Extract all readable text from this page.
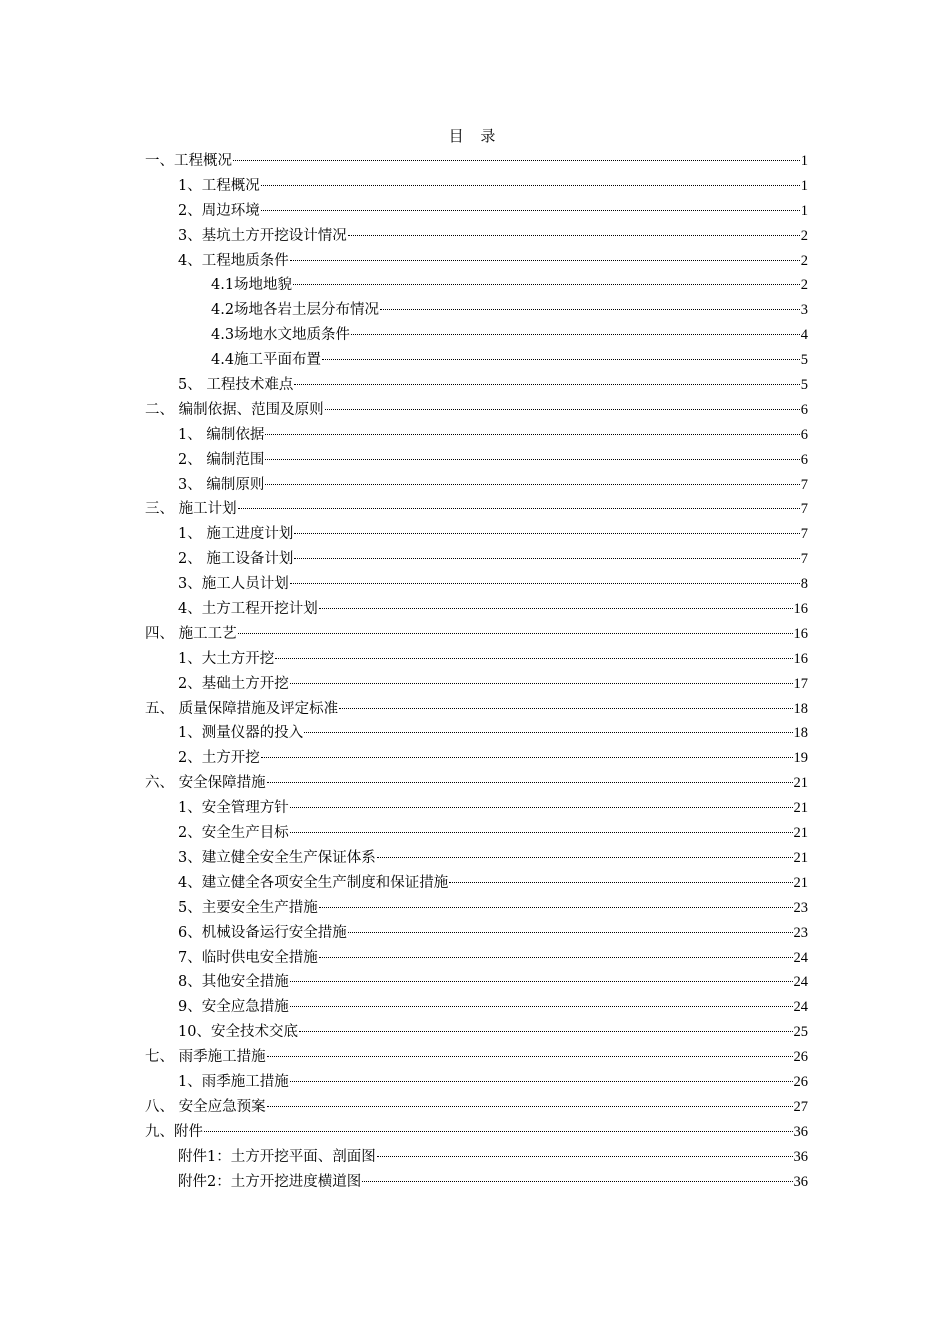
目 录
一、工程概况	1
1、工程概况	1
2、周边环境	1
3、基坑土方开挖设计情况	2
4、工程地质条件	2
4.1场地地貌	2
4.2场地各岩土层分布情况	3
4.3场地水文地质条件	4
4.4施工平面布置	5
5、 工程技术难点	5
二、 编制依据、范围及原则	6
1、 编制依据	6
2、 编制范围	6
3、 编制原则	7
三、 施工计划	7
1、 施工进度计划	7
2、 施工设备计划	7
3、施工人员计划	8
4、土方工程开挖计划	16
四、 施工工艺	16
1、大土方开挖	16
2、基础土方开挖	17
五、 质量保障措施及评定标准	18
1、测量仪器的投入	18
2、土方开挖	19
六、 安全保障措施	21
1、安全管理方针	21
2、安全生产目标	21
3、建立健全安全生产保证体系	21
4、建立健全各项安全生产制度和保证措施	21
5、主要安全生产措施	23
6、机械设备运行安全措施	23
7、临时供电安全措施	24
8、其他安全措施	24
9、安全应急措施	24
10、安全技术交底	25
七、 雨季施工措施	26
1、雨季施工措施	26
八、 安全应急预案	27
九、附件	36
附件1：土方开挖平面、剖面图	36
附件2：土方开挖进度横道图	36
